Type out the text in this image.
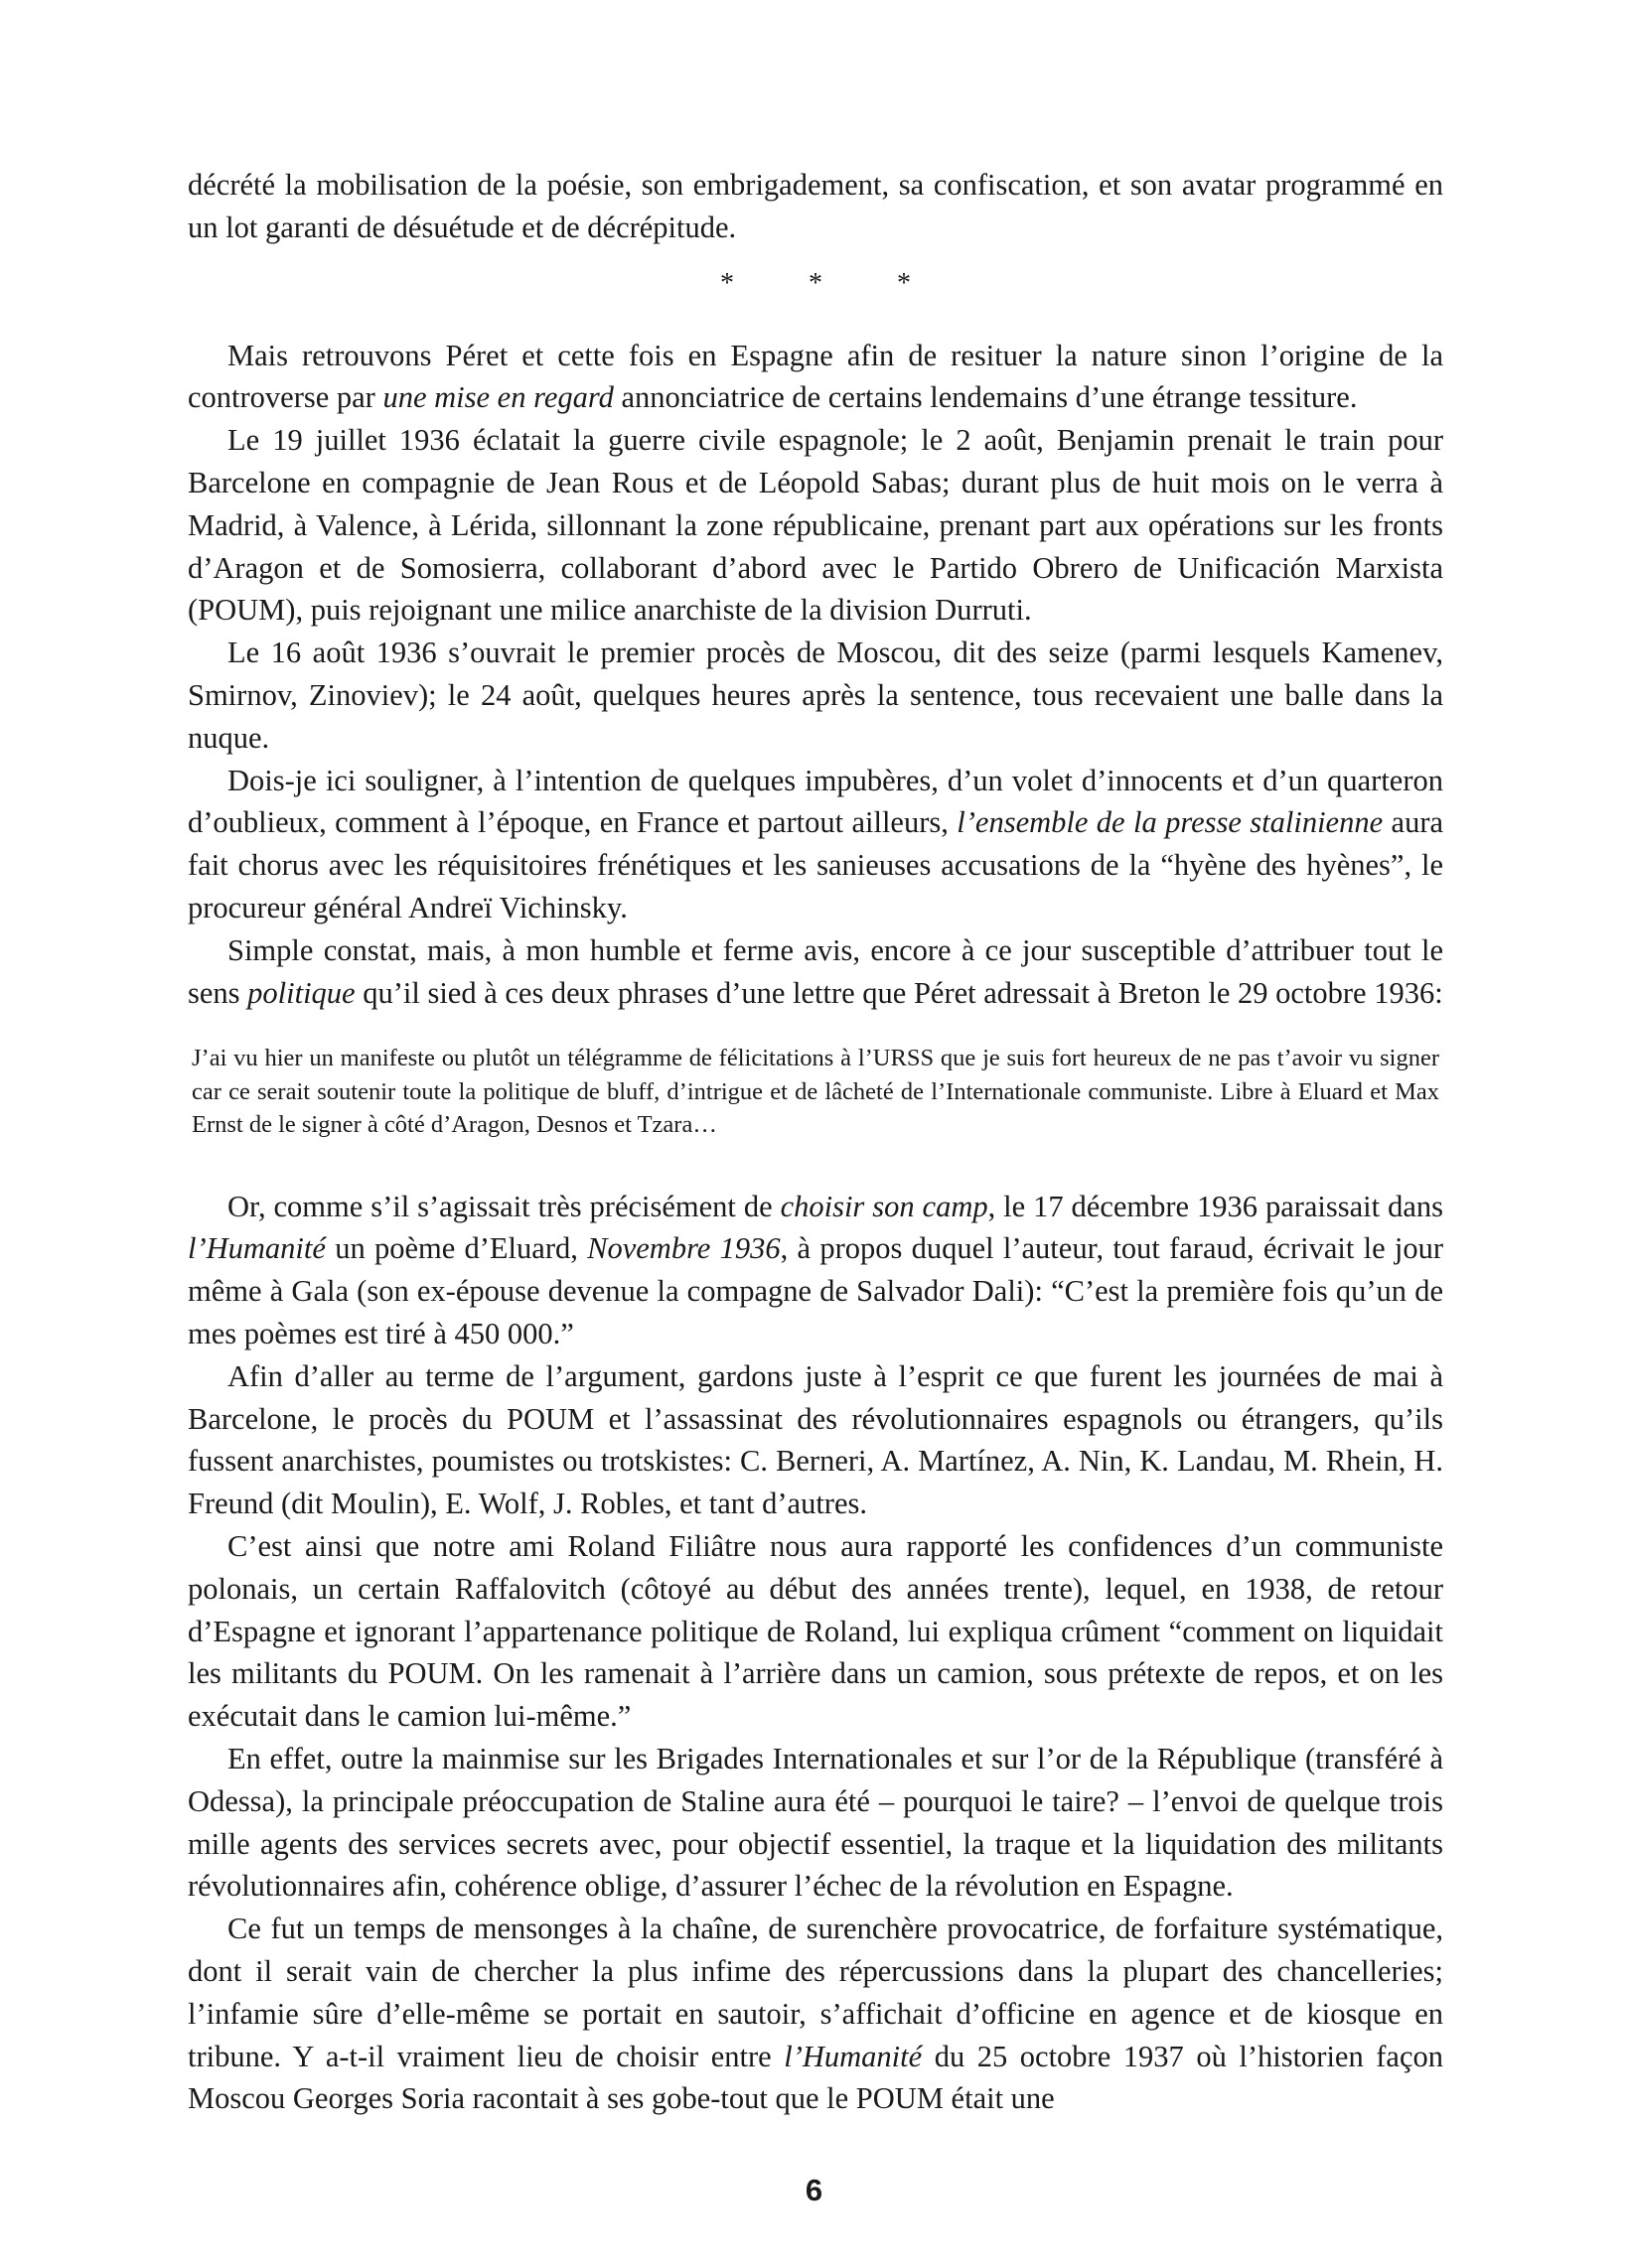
décrété la mobilisation de la poésie, son embrigadement, sa confiscation, et son avatar programmé en un lot garanti de désuétude et de décrépitude.

* * *

Mais retrouvons Péret et cette fois en Espagne afin de resituer la nature sinon l’origine de la controverse par une mise en regard annonciatrice de certains lendemains d’une étrange tessiture.

Le 19 juillet 1936 éclatait la guerre civile espagnole; le 2 août, Benjamin prenait le train pour Barcelone en compagnie de Jean Rous et de Léopold Sabas; durant plus de huit mois on le verra à Madrid, à Valence, à Lérida, sillonnant la zone républicaine, prenant part aux opérations sur les fronts d’Aragon et de Somosierra, collaborant d’abord avec le Partido Obrero de Unificación Marxista (POUM), puis rejoignant une milice anarchiste de la division Durruti.

Le 16 août 1936 s’ouvrait le premier procès de Moscou, dit des seize (parmi lesquels Kamenev, Smirnov, Zinoviev); le 24 août, quelques heures après la sentence, tous recevaient une balle dans la nuque.

Dois-je ici souligner, à l’intention de quelques impubères, d’un volet d’innocents et d’un quarteron d’oublieux, comment à l’époque, en France et partout ailleurs, l’ensemble de la presse stalinienne aura fait chorus avec les réquisitoires frénétiques et les sanieuses accusations de la “hyène des hyènes”, le procureur général Andreï Vichinsky.

Simple constat, mais, à mon humble et ferme avis, encore à ce jour susceptible d’attribuer tout le sens politique qu’il sied à ces deux phrases d’une lettre que Péret adressait à Breton le 29 octobre 1936:

J’ai vu hier un manifeste ou plutôt un télégramme de félicitations à l’URSS que je suis fort heureux de ne pas t’avoir vu signer car ce serait soutenir toute la politique de bluff, d’intrigue et de lâcheté de l’Internationale communiste. Libre à Eluard et Max Ernst de le signer à côté d’Aragon, Desnos et Tzara…

Or, comme s’il s’agissait très précisément de choisir son camp, le 17 décembre 1936 paraissait dans l’Humanité un poème d’Eluard, Novembre 1936, à propos duquel l’auteur, tout faraud, écrivait le jour même à Gala (son ex-épouse devenue la compagne de Salvador Dali): “C’est la première fois qu’un de mes poèmes est tiré à 450 000.”

Afin d’aller au terme de l’argument, gardons juste à l’esprit ce que furent les journées de mai à Barcelone, le procès du POUM et l’assassinat des révolutionnaires espagnols ou étrangers, qu’ils fussent anarchistes, poumistes ou trotskistes: C. Berneri, A. Martínez, A. Nin, K. Landau, M. Rhein, H. Freund (dit Moulin), E. Wolf, J. Robles, et tant d’autres.

C’est ainsi que notre ami Roland Filiâtre nous aura rapporté les confidences d’un communiste polonais, un certain Raffalovitch (côtoyé au début des années trente), lequel, en 1938, de retour d’Espagne et ignorant l’appartenance politique de Roland, lui expliqua crûment “comment on liquidait les militants du POUM. On les ramenait à l’arrière dans un camion, sous prétexte de repos, et on les exécutait dans le camion lui-même.”

En effet, outre la mainmise sur les Brigades Internationales et sur l’or de la République (transféré à Odessa), la principale préoccupation de Staline aura été – pourquoi le taire? – l’envoi de quelque trois mille agents des services secrets avec, pour objectif essentiel, la traque et la liquidation des militants révolutionnaires afin, cohérence oblige, d’assurer l’échec de la révolution en Espagne.

Ce fut un temps de mensonges à la chaîne, de surenchère provocatrice, de forfaiture systématique, dont il serait vain de chercher la plus infime des répercussions dans la plupart des chancelleries; l’infamie sûre d’elle-même se portait en sautoir, s’affichait d’officine en agence et de kiosque en tribune. Y a-t-il vraiment lieu de choisir entre l’Humanité du 25 octobre 1937 où l’historien façon Moscou Georges Soria racontait à ses gobe-tout que le POUM était une

6
